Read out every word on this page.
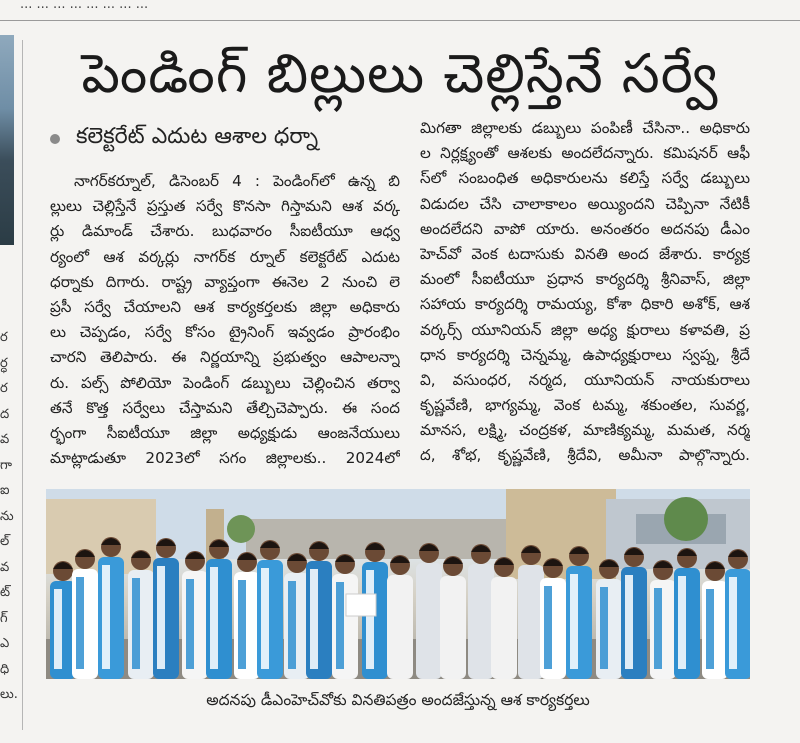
... ... ... ... ... ... ... ...
ర
ర్ధ
ర
ద
వ
గా
ఐ
ను
ల్
వ
ట్
గ్
ఎ
ధి
లు.
పెండింగ్ బిల్లులు చెల్లిస్తేనే సర్వే
కలెక్టరేట్ ఎదుట ఆశాల ధర్నా
నాగర్‌కర్నూల్, డిసెంబర్ 4 : పెండింగ్‌లో ఉన్న బి
ల్లులు చెల్లిస్తేనే ప్రస్తుత సర్వే కొనసా గిస్తామని ఆశ వర్క
ర్లు డిమాండ్ చేశారు. బుధవారం సీఐటీయూ ఆధ్వ
ర్యంలో ఆశ వర్కర్లు నాగర్‌క ర్నూల్ కలెక్టరేట్ ఎదుట
ధర్నాకు దిగారు. రాష్ట్ర వ్యాప్తంగా ఈనెల 2 నుంచి లె
ప్రసీ సర్వే చేయాలని ఆశ కార్యకర్తలకు జిల్లా అధికారు
లు చెప్పడం, సర్వే కోసం ట్రైనింగ్ ఇవ్వడం ప్రారంభిం
చారని తెలిపారు. ఈ నిర్ణయాన్ని ప్రభుత్వం ఆపాలన్నా
రు. పల్స్ పోలియో పెండింగ్ డబ్బులు చెల్లించిన తర్వా
తనే కొత్త సర్వేలు చేస్తామని తేల్చిచెప్పారు. ఈ సంద
ర్భంగా సీఐటీయూ జిల్లా అధ్యక్షుడు ఆంజనేయులు
మాట్లాడుతూ 2023లో సగం జిల్లాలకు.. 2024లో
మిగతా జిల్లాలకు డబ్బులు పంపిణీ చేసినా.. అధికారు
ల నిర్లక్ష్యంతో ఆశలకు అందలేదన్నారు. కమిషనర్ ఆఫీ
స్‌లో సంబంధిత అధికారులను కలిస్తే సర్వే డబ్బులు
విడుదల చేసి చాలాకాలం అయ్యిందని చెప్పినా నేటికీ
అందలేదని వాపో యారు. అనంతరం అదనపు డీఎం
హెచ్‌వో వెంక టదాసుకు వినతి అంద జేశారు. కార్యక్ర
మంలో సీఐటీయూ ప్రధాన కార్యదర్శి శ్రీనివాస్, జిల్లా
సహాయ కార్యదర్శి రామయ్య, కోశా ధికారి అశోక్, ఆశ
వర్కర్స్ యూనియన్ జిల్లా అధ్య క్షురాలు కళావతి, ప్ర
ధాన కార్యదర్శి చెన్నమ్మ, ఉపాధ్యక్షురాలు స్వప్న, శ్రీదే
వి, వసుంధర, నర్మద, యూనియన్ నాయకురాలు
కృష్ణవేణి, భాగ్యమ్మ, వెంక టమ్మ, శకుంతల, సువర్ణ,
మానస, లక్ష్మి, చంద్రకళ, మాణిక్యమ్మ, మమత, నర్మ
ద, శోభ, కృష్ణవేణి, శ్రీదేవి, అమీనా పాల్గొన్నారు.
అదనపు డీఎంహెచ్‌వోకు వినతిపత్రం అందజేస్తున్న ఆశ కార్యకర్తలు
